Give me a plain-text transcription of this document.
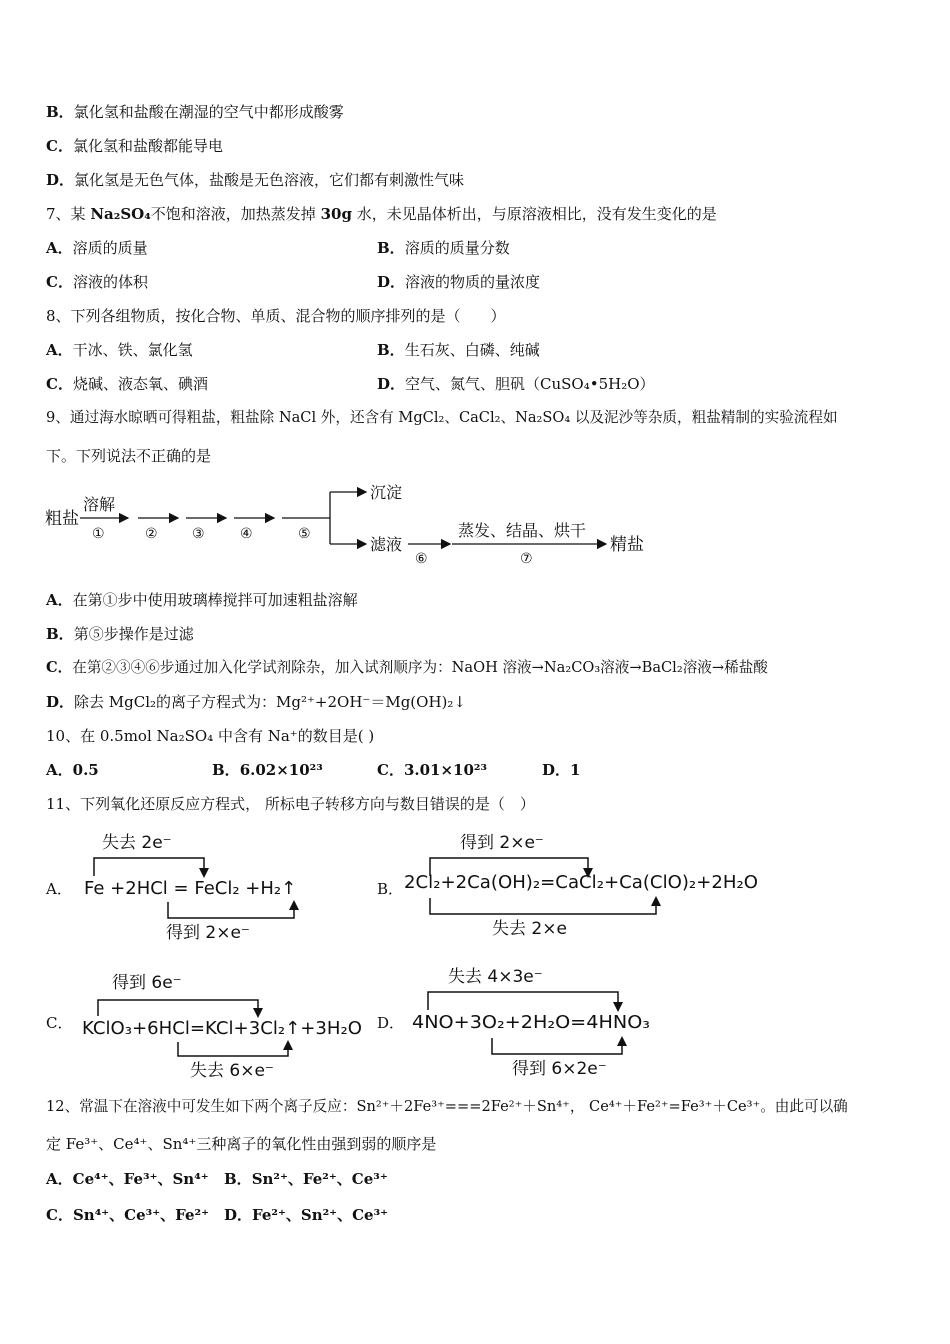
B．氯化氢和盐酸在潮湿的空气中都形成酸雾
C．氯化氢和盐酸都能导电
D．氯化氢是无色气体，盐酸是无色溶液，它们都有刺激性气味
7、某 Na₂SO₄不饱和溶液，加热蒸发掉 30g 水，未见晶体析出，与原溶液相比，没有发生变化的是
A．溶质的质量	B．溶质的质量分数
C．溶液的体积	D．溶液的物质的量浓度
8、下列各组物质，按化合物、单质、混合物的顺序排列的是（　　）
A．干冰、铁、氯化氢	B．生石灰、白磷、纯碱
C．烧碱、液态氧、碘酒	D．空气、氮气、胆矾（CuSO₄•5H₂O）
9、通过海水晾晒可得粗盐，粗盐除 NaCl 外，还含有 MgCl₂、CaCl₂、Na₂SO₄ 以及泥沙等杂质，粗盐精制的实验流程如
下。下列说法不正确的是
粗盐
溶解
①	② ③	④	⑤
沉淀
滤液
⑥
蒸发、结晶、烘干
⑦
精盐
A．在第①步中使用玻璃棒搅拌可加速粗盐溶解
B．第⑤步操作是过滤
C．在第②③④⑥步通过加入化学试剂除杂，加入试剂顺序为：NaOH 溶液→Na₂CO₃溶液→BaCl₂溶液→稀盐酸
D．除去 MgCl₂的离子方程式为：Mg²⁺+2OH⁻＝Mg(OH)₂↓
10、在 0.5mol Na₂SO₄ 中含有 Na⁺的数目是( )
A．0.5	B．6.02×10²³	C．3.01×10²³	D．1
11、下列氧化还原反应方程式， 所标电子转移方向与数目错误的是（　）
A．
失去 2e⁻
Fe +2HCl = FeCl₂ +H₂↑
得到 2×e⁻
B．
得到 2×e⁻
2Cl₂+2Ca(OH)₂=CaCl₂+Ca(ClO)₂+2H₂O
失去 2×e
C．
得到 6e⁻
KClO₃+6HCl=KCl+3Cl₂↑+3H₂O
失去 6×e⁻
D．
失去 4×3e⁻
4NO+3O₂+2H₂O=4HNO₃
得到 6×2e⁻
12、常温下在溶液中可发生如下两个离子反应：Sn²⁺＋2Fe³⁺===2Fe²⁺＋Sn⁴⁺， Ce⁴⁺＋Fe²⁺=Fe³⁺＋Ce³⁺。由此可以确
定 Fe³⁺、Ce⁴⁺、Sn⁴⁺三种离子的氧化性由强到弱的顺序是
A．Ce⁴⁺、Fe³⁺、Sn⁴⁺ B．Sn²⁺、Fe²⁺、Ce³⁺
C．Sn⁴⁺、Ce³⁺、Fe²⁺ D．Fe²⁺、Sn²⁺、Ce³⁺
